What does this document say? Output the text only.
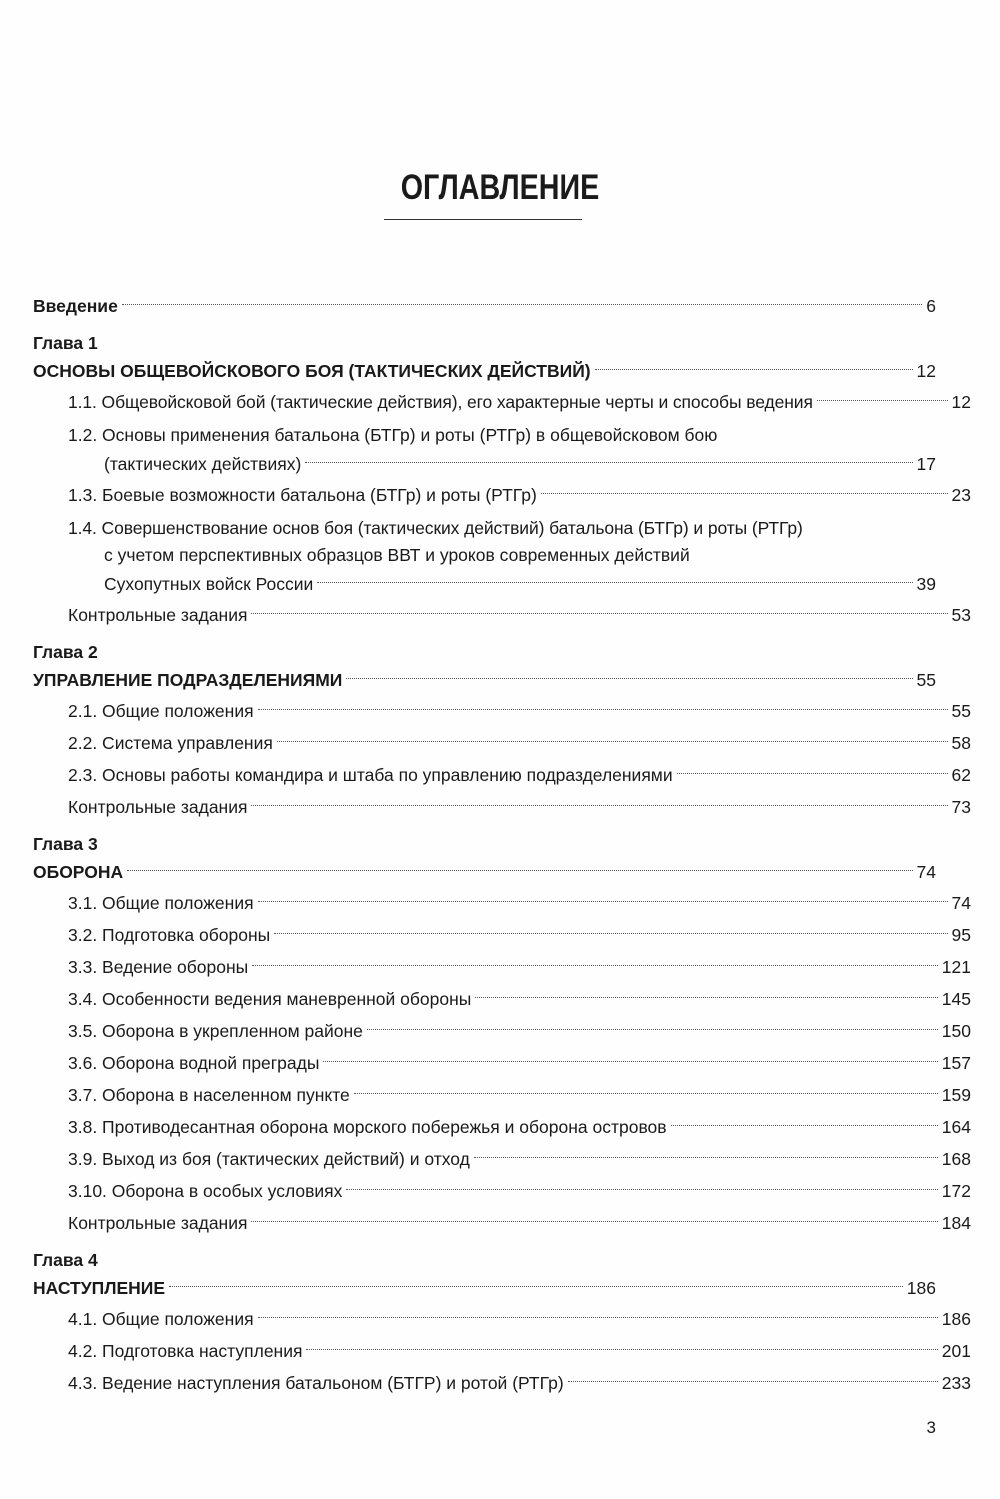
ОГЛАВЛЕНИЕ
Введение	6
Глава 1
ОСНОВЫ ОБЩЕВОЙСКОВОГО БОЯ (ТАКТИЧЕСКИХ ДЕЙСТВИЙ)	12
1.1. Общевойсковой бой (тактические действия), его характерные черты и способы ведения	12
1.2. Основы применения батальона (БТГр) и роты (РТГр) в общевойсковом бою
(тактических действиях)	17
1.3. Боевые возможности батальона (БТГр) и роты (РТГр)	23
1.4. Совершенствование основ боя (тактических действий) батальона (БТГр) и роты (РТГр)
с учетом перспективных образцов ВВТ и уроков современных действий
Сухопутных войск России	39
Контрольные задания	53
Глава 2
УПРАВЛЕНИЕ ПОДРАЗДЕЛЕНИЯМИ	55
2.1. Общие положения	55
2.2. Система управления	58
2.3. Основы работы командира и штаба по управлению подразделениями	62
Контрольные задания	73
Глава 3
ОБОРОНА	74
3.1. Общие положения	74
3.2. Подготовка обороны	95
3.3. Ведение обороны	121
3.4. Особенности ведения маневренной обороны	145
3.5. Оборона в укрепленном районе	150
3.6. Оборона водной преграды	157
3.7. Оборона в населенном пункте	159
3.8. Противодесантная оборона морского побережья и оборона островов	164
3.9. Выход из боя (тактических действий) и отход	168
3.10. Оборона в особых условиях	172
Контрольные задания	184
Глава 4
НАСТУПЛЕНИЕ	186
4.1. Общие положения	186
4.2. Подготовка наступления	201
4.3. Ведение наступления батальоном (БТГР) и ротой (РТГр)	233
3
